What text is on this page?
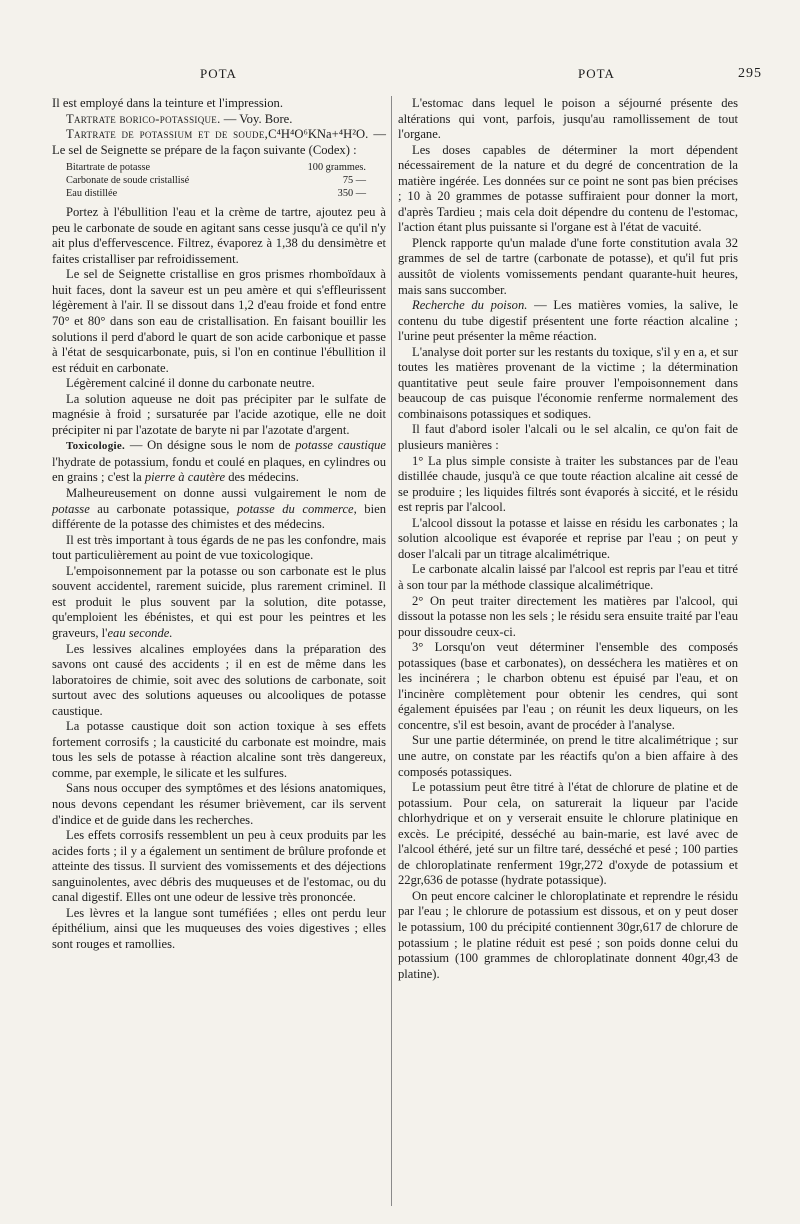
POTA	POTA	295

Il est employé dans la teinture et l'impression.

Tartrate borico-potassique. — Voy. Bore.

Tartrate de potassium et de soude,C⁴H⁴O⁶KNa+⁴H²O. — Le sel de Seignette se prépare de la façon suivante (Codex) :

Bitartrate de potasse	100 grammes.
Carbonate de soude cristallisé	75 —
Eau distillée	350 —

Portez à l'ébullition l'eau et la crème de tartre, ajoutez peu à peu le carbonate de soude en agitant sans cesse jusqu'à ce qu'il n'y ait plus d'effervescence. Filtrez, évaporez à 1,38 du densimètre et faites cristalliser par refroidissement.

Le sel de Seignette cristallise en gros prismes rhomboïdaux à huit faces, dont la saveur est un peu amère et qui s'effleurissent légèrement à l'air. Il se dissout dans 1,2 d'eau froide et fond entre 70° et 80° dans son eau de cristallisation. En faisant bouillir les solutions il perd d'abord le quart de son acide carbonique et passe à l'état de sesquicarbonate, puis, si l'on en continue l'ébullition il est réduit en carbonate.

Légèrement calciné il donne du carbonate neutre.

La solution aqueuse ne doit pas précipiter par le sulfate de magnésie à froid ; sursaturée par l'acide azotique, elle ne doit précipiter ni par l'azotate de baryte ni par l'azotate d'argent.

Toxicologie. — On désigne sous le nom de potasse caustique l'hydrate de potassium, fondu et coulé en plaques, en cylindres ou en grains ; c'est la pierre à cautère des médecins.

Malheureusement on donne aussi vulgairement le nom de potasse au carbonate potassique, potasse du commerce, bien différente de la potasse des chimistes et des médecins.

Il est très important à tous égards de ne pas les confondre, mais tout particulièrement au point de vue toxicologique.

L'empoisonnement par la potasse ou son carbonate est le plus souvent accidentel, rarement suicide, plus rarement criminel. Il est produit le plus souvent par la solution, dite potasse, qu'emploient les ébénistes, et qui est pour les peintres et les graveurs, l'eau seconde.

Les lessives alcalines employées dans la préparation des savons ont causé des accidents ; il en est de même dans les laboratoires de chimie, soit avec des solutions de carbonate, soit surtout avec des solutions aqueuses ou alcooliques de potasse caustique.

La potasse caustique doit son action toxique à ses effets fortement corrosifs ; la causticité du carbonate est moindre, mais tous les sels de potasse à réaction alcaline sont très dangereux, comme, par exemple, le silicate et les sulfures.

Sans nous occuper des symptômes et des lésions anatomiques, nous devons cependant les résumer brièvement, car ils servent d'indice et de guide dans les recherches.

Les effets corrosifs ressemblent un peu à ceux produits par les acides forts ; il y a également un sentiment de brûlure profonde et atteinte des tissus. Il survient des vomissements et des déjections sanguinolentes, avec débris des muqueuses et de l'estomac, ou du canal digestif. Elles ont une odeur de lessive très prononcée.

Les lèvres et la langue sont tuméfiées ; elles ont perdu leur épithélium, ainsi que les muqueuses des voies digestives ; elles sont rouges et ramollies.

L'estomac dans lequel le poison a séjourné présente des altérations qui vont, parfois, jusqu'au ramollissement de tout l'organe.

Les doses capables de déterminer la mort dépendent nécessairement de la nature et du degré de concentration de la matière ingérée. Les données sur ce point ne sont pas bien précises ; 10 à 20 grammes de potasse suffiraient pour donner la mort, d'après Tardieu ; mais cela doit dépendre du contenu de l'estomac, l'action étant plus puissante si l'organe est à l'état de vacuité.

Plenck rapporte qu'un malade d'une forte constitution avala 32 grammes de sel de tartre (carbonate de potasse), et qu'il fut pris aussitôt de violents vomissements pendant quarante-huit heures, mais sans succomber.

Recherche du poison. — Les matières vomies, la salive, le contenu du tube digestif présentent une forte réaction alcaline ; l'urine peut présenter la même réaction.

L'analyse doit porter sur les restants du toxique, s'il y en a, et sur toutes les matières provenant de la victime ; la détermination quantitative peut seule faire prouver l'empoisonnement dans beaucoup de cas puisque l'économie renferme normalement des combinaisons potassiques et sodiques.

Il faut d'abord isoler l'alcali ou le sel alcalin, ce qu'on fait de plusieurs manières :

1° La plus simple consiste à traiter les substances par de l'eau distillée chaude, jusqu'à ce que toute réaction alcaline ait cessé de se produire ; les liquides filtrés sont évaporés à siccité, et le résidu est repris par l'alcool.

L'alcool dissout la potasse et laisse en résidu les carbonates ; la solution alcoolique est évaporée et reprise par l'eau ; on peut y doser l'alcali par un titrage alcalimétrique.

Le carbonate alcalin laissé par l'alcool est repris par l'eau et titré à son tour par la méthode classique alcalimétrique.

2° On peut traiter directement les matières par l'alcool, qui dissout la potasse non les sels ; le résidu sera ensuite traité par l'eau pour dissoudre ceux-ci.

3° Lorsqu'on veut déterminer l'ensemble des composés potassiques (base et carbonates), on desséchera les matières et on les incinérera ; le charbon obtenu est épuisé par l'eau, et on l'incinère complètement pour obtenir les cendres, qui sont également épuisées par l'eau ; on réunit les deux liqueurs, on les concentre, s'il est besoin, avant de procéder à l'analyse.

Sur une partie déterminée, on prend le titre alcalimétrique ; sur une autre, on constate par les réactifs qu'on a bien affaire à des composés potassiques.

Le potassium peut être titré à l'état de chlorure de platine et de potassium. Pour cela, on saturerait la liqueur par l'acide chlorhydrique et on y verserait ensuite le chlorure platinique en excès. Le précipité, desséché au bain-marie, est lavé avec de l'alcool éthéré, jeté sur un filtre taré, desséché et pesé ; 100 parties de chloroplatinate renferment 19gr,272 d'oxyde de potassium et 22gr,636 de potasse (hydrate potassique).

On peut encore calciner le chloroplatinate et reprendre le résidu par l'eau ; le chlorure de potassium est dissous, et on y peut doser le potassium, 100 du précipité contiennent 30gr,617 de chlorure de potassium ; le platine réduit est pesé ; son poids donne celui du potassium (100 grammes de chloroplatinate donnent 40gr,43 de platine).
